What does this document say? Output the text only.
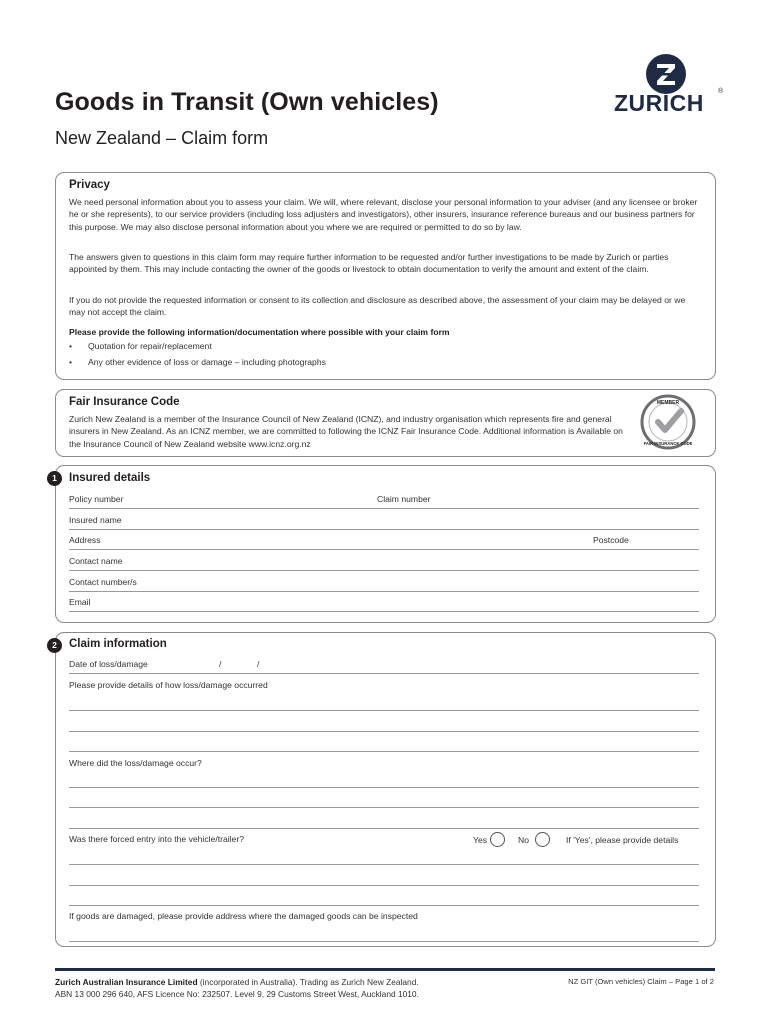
Goods in Transit (Own vehicles)
New Zealand – Claim form
ZURICH ®
Privacy
We need personal information about you to assess your claim. We will, where relevant, disclose your personal information to your adviser (and any licensee or broker he or she represents), to our service providers (including loss adjusters and investigators), other insurers, insurance reference bureaus and our business partners for this purpose. We may also disclose personal information about you where we are required or permitted to do so by law.
The answers given to questions in this claim form may require further information to be requested and/or further investigations to be made by Zurich or parties appointed by them. This may include contacting the owner of the goods or livestock to obtain documentation to verify the amount and extent of the claim.
If you do not provide the requested information or consent to its collection and disclosure as described above, the assessment of your claim may be delayed or we may not accept the claim.
Please provide the following information/documentation where possible with your claim form
• Quotation for repair/replacement
• Any other evidence of loss or damage – including photographs
Fair Insurance Code
Zurich New Zealand is a member of the Insurance Council of New Zealand (ICNZ), and industry organisation which represents fire and general insurers in New Zealand. As an ICNZ member, we are committed to following the ICNZ Fair Insurance Code. Additional information is Available on the Insurance Council of New Zealand website www.icnz.org.nz
MEMBER
FAIR INSURANCE CODE
1	Insured details
Policy number	Claim number
Insured name
Address	Postcode
Contact name
Contact number/s
Email
2	Claim information
Date of loss/damage	/	/
Please provide details of how loss/damage occurred
Where did the loss/damage occur?
Was there forced entry into the vehicle/trailer?	Yes	No	If 'Yes', please provide details
If goods are damaged, please provide address where the damaged goods can be inspected
Zurich Australian Insurance Limited (incorporated in Australia). Trading as Zurich New Zealand.
ABN 13 000 296 640, AFS Licence No: 232507. Level 9, 29 Customs Street West, Auckland 1010.
NZ GIT (Own vehicles) Claim – Page 1 of 2
